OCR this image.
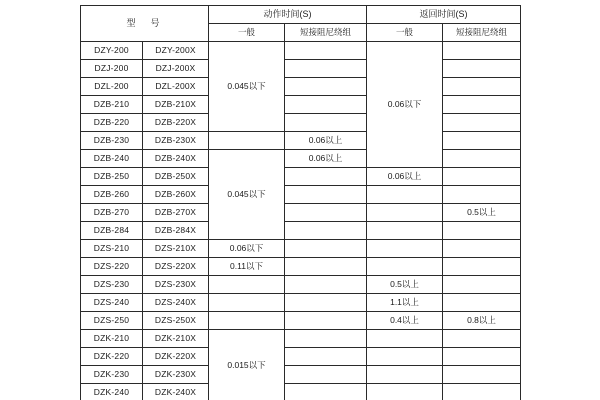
型　号		动作时间(S)		返回时间(S)	
		一般	短接阻尼绕组	一般	短接阻尼绕组
DZY-200	DZY-200X	0.045以下		0.06以下	
DZJ-200	DZJ-200X				
DZL-200	DZL-200X				
DZB-210	DZB-210X				
DZB-220	DZB-220X				
DZB-230	DZB-230X		0.06以上		
DZB-240	DZB-240X	0.045以下	0.06以上		
DZB-250	DZB-250X			0.06以上	
DZB-260	DZB-260X				
DZB-270	DZB-270X				0.5以上
DZB-284	DZB-284X				
DZS-210	DZS-210X	0.06以下			
DZS-220	DZS-220X	0.11以下			
DZS-230	DZS-230X			0.5以上	
DZS-240	DZS-240X			1.1以上	
DZS-250	DZS-250X			0.4以上	0.8以上
DZK-210	DZK-210X	0.015以下			
DZK-220	DZK-220X				
DZK-230	DZK-230X				
DZK-240	DZK-240X				
